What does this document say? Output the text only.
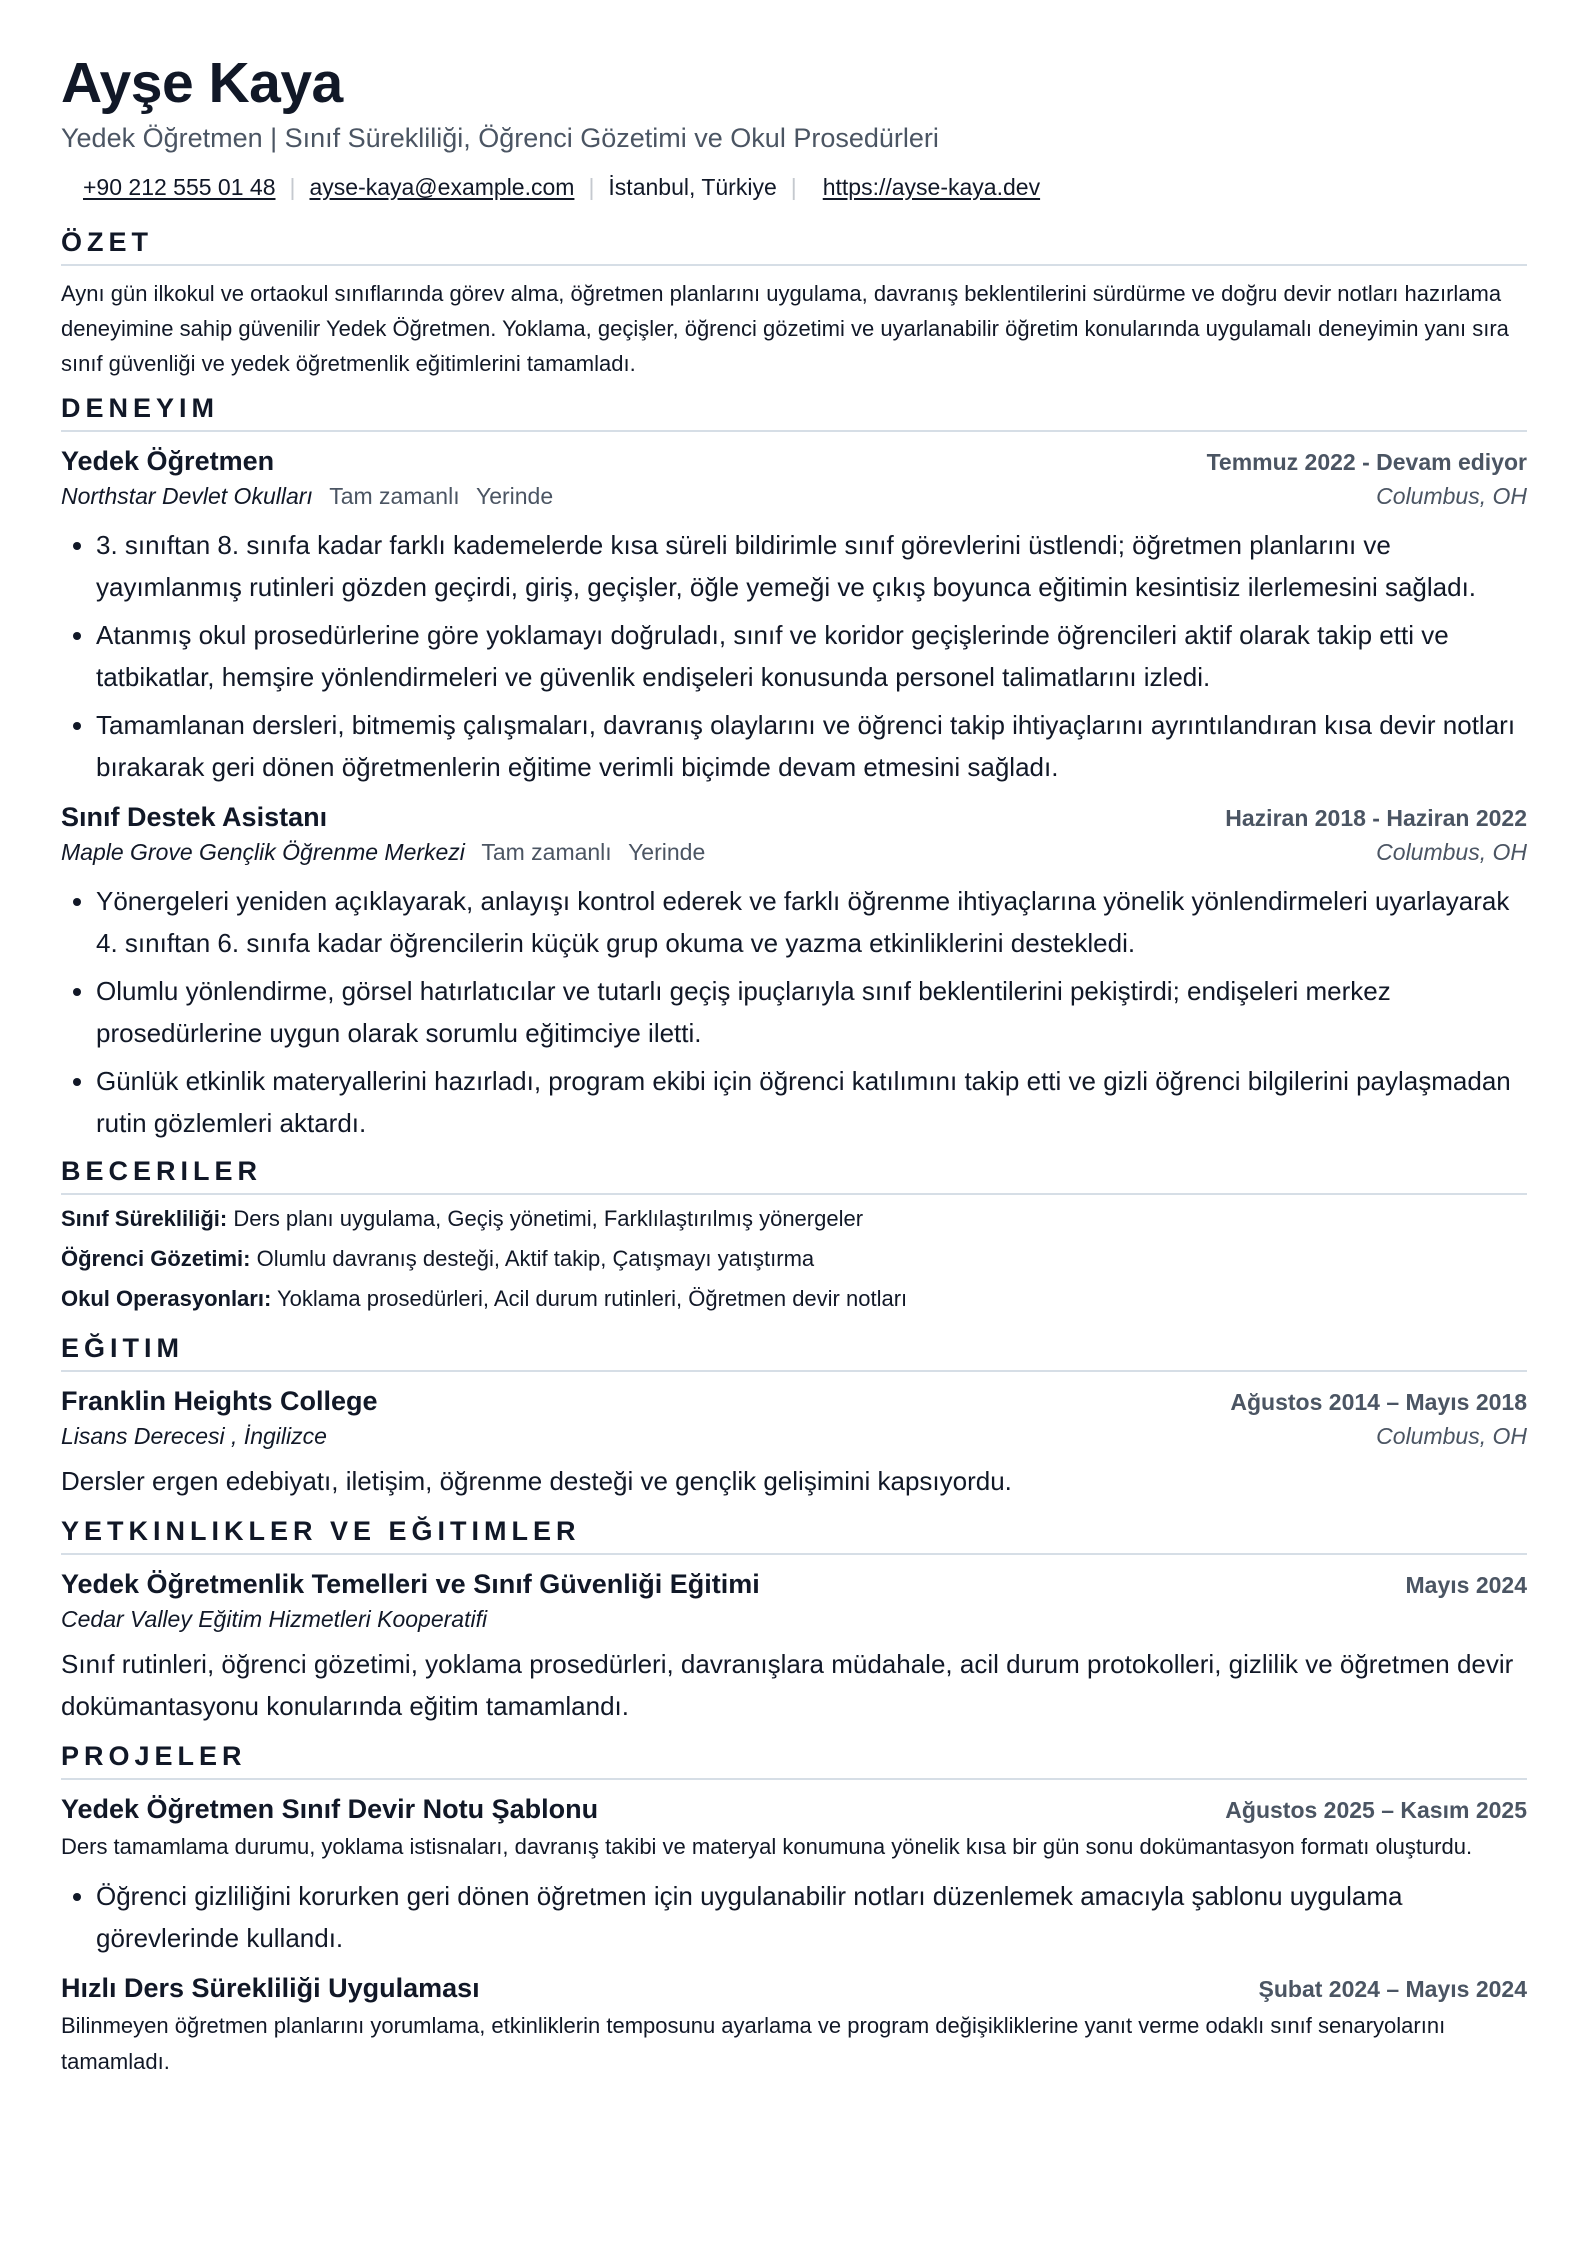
Ayşe Kaya
Yedek Öğretmen | Sınıf Sürekliliği, Öğrenci Gözetimi ve Okul Prosedürleri
+90 212 555 01 48 | ayse-kaya@example.com | İstanbul, Türkiye | https://ayse-kaya.dev
ÖZET
Aynı gün ilkokul ve ortaokul sınıflarında görev alma, öğretmen planlarını uygulama, davranış beklentilerini sürdürme ve doğru devir notları hazırlama deneyimine sahip güvenilir Yedek Öğretmen. Yoklama, geçişler, öğrenci gözetimi ve uyarlanabilir öğretim konularında uygulamalı deneyimin yanı sıra sınıf güvenliği ve yedek öğretmenlik eğitimlerini tamamladı.
DENEYIM
Yedek Öğretmen	Temmuz 2022 - Devam ediyor
Northstar Devlet Okulları Tam zamanlı Yerinde	Columbus, OH
• 3. sınıftan 8. sınıfa kadar farklı kademelerde kısa süreli bildirimle sınıf görevlerini üstlendi; öğretmen planlarını ve yayımlanmış rutinleri gözden geçirdi, giriş, geçişler, öğle yemeği ve çıkış boyunca eğitimin kesintisiz ilerlemesini sağladı.
• Atanmış okul prosedürlerine göre yoklamayı doğruladı, sınıf ve koridor geçişlerinde öğrencileri aktif olarak takip etti ve tatbikatlar, hemşire yönlendirmeleri ve güvenlik endişeleri konusunda personel talimatlarını izledi.
• Tamamlanan dersleri, bitmemiş çalışmaları, davranış olaylarını ve öğrenci takip ihtiyaçlarını ayrıntılandıran kısa devir notları bırakarak geri dönen öğretmenlerin eğitime verimli biçimde devam etmesini sağladı.
Sınıf Destek Asistanı	Haziran 2018 - Haziran 2022
Maple Grove Gençlik Öğrenme Merkezi Tam zamanlı Yerinde	Columbus, OH
• Yönergeleri yeniden açıklayarak, anlayışı kontrol ederek ve farklı öğrenme ihtiyaçlarına yönelik yönlendirmeleri uyarlayarak 4. sınıftan 6. sınıfa kadar öğrencilerin küçük grup okuma ve yazma etkinliklerini destekledi.
• Olumlu yönlendirme, görsel hatırlatıcılar ve tutarlı geçiş ipuçlarıyla sınıf beklentilerini pekiştirdi; endişeleri merkez prosedürlerine uygun olarak sorumlu eğitimciye iletti.
• Günlük etkinlik materyallerini hazırladı, program ekibi için öğrenci katılımını takip etti ve gizli öğrenci bilgilerini paylaşmadan rutin gözlemleri aktardı.
BECERILER
Sınıf Sürekliliği: Ders planı uygulama, Geçiş yönetimi, Farklılaştırılmış yönergeler
Öğrenci Gözetimi: Olumlu davranış desteği, Aktif takip, Çatışmayı yatıştırma
Okul Operasyonları: Yoklama prosedürleri, Acil durum rutinleri, Öğretmen devir notları
EĞITIM
Franklin Heights College	Ağustos 2014 – Mayıs 2018
Lisans Derecesi , İngilizce	Columbus, OH
Dersler ergen edebiyatı, iletişim, öğrenme desteği ve gençlik gelişimini kapsıyordu.
YETKINLIKLER VE EĞITIMLER
Yedek Öğretmenlik Temelleri ve Sınıf Güvenliği Eğitimi	Mayıs 2024
Cedar Valley Eğitim Hizmetleri Kooperatifi
Sınıf rutinleri, öğrenci gözetimi, yoklama prosedürleri, davranışlara müdahale, acil durum protokolleri, gizlilik ve öğretmen devir dokümantasyonu konularında eğitim tamamlandı.
PROJELER
Yedek Öğretmen Sınıf Devir Notu Şablonu	Ağustos 2025 – Kasım 2025
Ders tamamlama durumu, yoklama istisnaları, davranış takibi ve materyal konumuna yönelik kısa bir gün sonu dokümantasyon formatı oluşturdu.
• Öğrenci gizliliğini korurken geri dönen öğretmen için uygulanabilir notları düzenlemek amacıyla şablonu uygulama görevlerinde kullandı.
Hızlı Ders Sürekliliği Uygulaması	Şubat 2024 – Mayıs 2024
Bilinmeyen öğretmen planlarını yorumlama, etkinliklerin temposunu ayarlama ve program değişikliklerine yanıt verme odaklı sınıf senaryolarını tamamladı.
